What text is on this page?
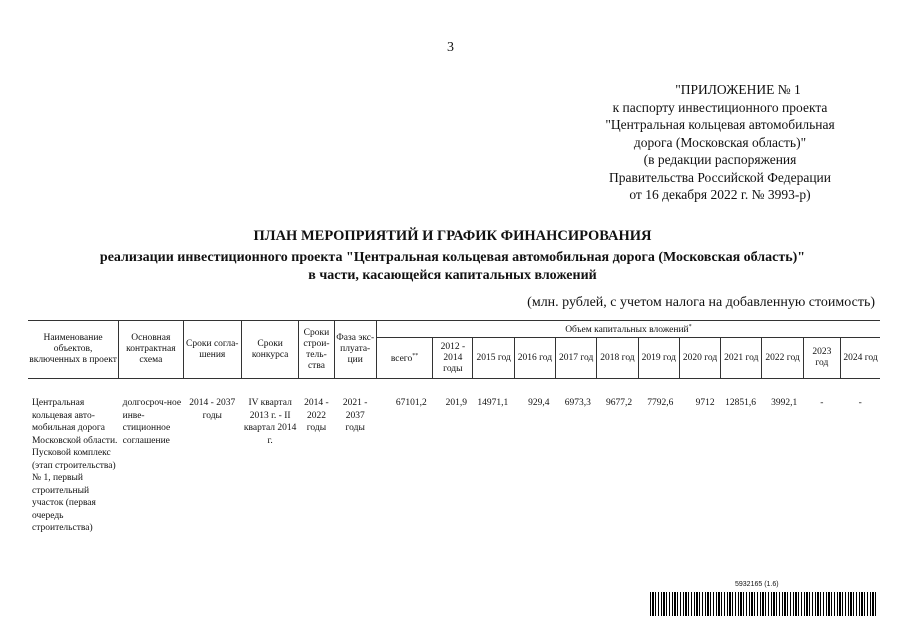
3
"ПРИЛОЖЕНИЕ № 1
к паспорту инвестиционного проекта
"Центральная кольцевая автомобильная
дорога (Московская область)"
(в редакции распоряжения
Правительства Российской Федерации
от 16 декабря 2022 г. № 3993-р)
ПЛАН МЕРОПРИЯТИЙ И ГРАФИК ФИНАНСИРОВАНИЯ
реализации инвестиционного проекта "Центральная кольцевая автомобильная дорога (Московская область)"
в части, касающейся капитальных вложений
(млн. рублей, с учетом налога на добавленную стоимость)
Наименование объектов, включенных в проект	Основная контрактная схема	Сроки согла-шения	Сроки конкурса	Сроки строи-тель-ства	Фаза экс-плуата-ции	Объем капитальных вложений*
						всего**	2012 - 2014 годы	2015 год	2016 год	2017 год	2018 год	2019 год	2020 год	2021 год	2022 год	2023 год	2024 год

Центральная кольцевая авто-мобильная дорога Московской области. Пусковой комплекс (этап строительства) № 1, первый строительный участок (первая очередь строительства)	долгосроч-ное инве-стиционное соглашение	2014 - 2037 годы	IV квартал 2013 г. - II квартал 2014 г.	2014 - 2022 годы	2021 - 2037 годы	67101,2	201,9	14971,1	929,4	6973,3	9677,2	7792,6	9712	12851,6	3992,1	-	-
5932165 (1.6)
